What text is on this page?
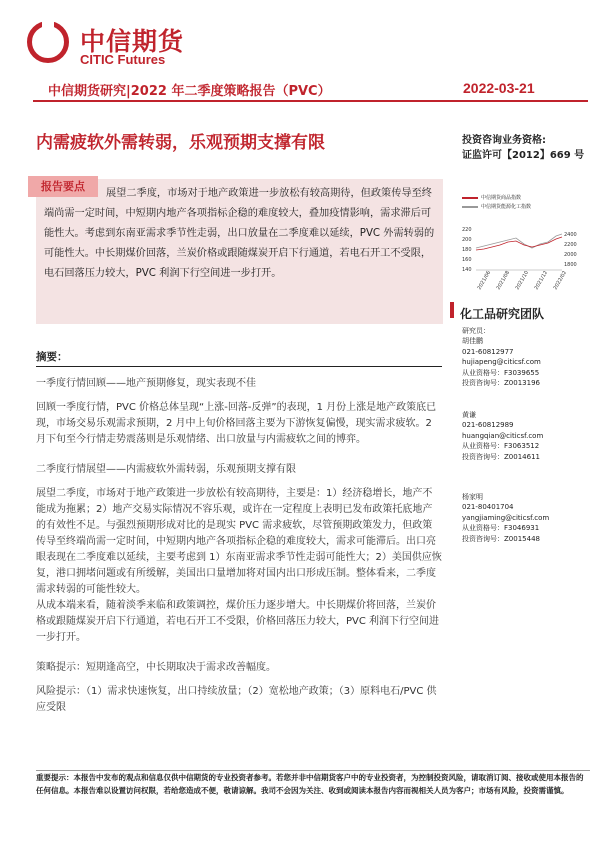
中信期货
CITIC Futures
中信期货研究|2022 年二季度策略报告（PVC）	2022-03-21
内需疲软外需转弱，乐观预期支撑有限	投资咨询业务资格:
证监许可【2012】669 号
报告要点

展望二季度，市场对于地产政策进一步放松有较高期待，但政策传导至终端尚需一定时间，中短期内地产各项指标企稳的难度较大，叠加疫情影响，需求滞后可能性大。考虑到东南亚需求季节性走弱，出口放量在二季度难以延续，PVC 外需转弱的可能性大。中长期煤价回落，兰炭价格或跟随煤炭开启下行通道，若电石开工不受限，电石回落压力较大，PVC 利润下行空间进一步打开。

中信期货商品指数
中信期货能源化工指数
220
200
180
160
140
2400
2200
2000
1800
2021/06 2021/08 2021/10 2021/12 2022/02
化工品研究团队
研究员：
胡佳鹏
021-60812977
hujiapeng@citicsf.com
从业资格号：F3039655
投资咨询号：Z0013196
黄谦
021-60812989
huangqian@citicsf.com
从业资格号：F3063512
投资咨询号：Z0014611
杨家明
021-80401704
yangjiaming@citicsf.com
从业资格号：F3046931
投资咨询号：Z0015448
摘要：
一季度行情回顾——地产预期修复，现实表现不佳
回顾一季度行情，PVC 价格总体呈现“上涨-回落-反弹”的表现，1 月份上涨是地产政策底已现，市场交易乐观需求预期，2 月中上旬价格回落主要为下游恢复偏慢，现实需求疲软。2 月下旬至今行情走势震荡则是乐观情绪、出口放量与内需疲软之间的博弈。
二季度行情展望——内需疲软外需转弱，乐观预期支撑有限
展望二季度，市场对于地产政策进一步放松有较高期待，主要是：1）经济稳增长，地产不能成为拖累；2）地产交易实际情况不容乐观，或许在一定程度上表明已发布政策托底地产的有效性不足。与强烈预期形成对比的是现实 PVC 需求疲软，尽管预期政策发力，但政策传导至终端尚需一定时间，中短期内地产各项指标企稳的难度较大，需求可能滞后。出口亮眼表现在二季度难以延续，主要考虑到 1）东南亚需求季节性走弱可能性大；2）美国供应恢复，港口拥堵问题或有所缓解，美国出口量增加将对国内出口形成压制。整体看来，二季度需求转弱的可能性较大。
从成本端来看，随着淡季来临和政策调控，煤价压力逐步增大。中长期煤价将回落，兰炭价格或跟随煤炭开启下行通道，若电石开工不受限，价格回落压力较大，PVC 利润下行空间进一步打开。
策略提示：短期逢高空，中长期取决于需求改善幅度。
风险提示：（1）需求快速恢复，出口持续放量；（2）宽松地产政策；（3）原料电石/PVC 供应受限
重要提示：本报告中发布的观点和信息仅供中信期货的专业投资者参考。若您并非中信期货客户中的专业投资者，为控制投资风险，请取消订阅、接收或使用本报告的任何信息。本报告难以设置访问权限，若给您造成不便，敬请谅解。我司不会因为关注、收到或阅读本报告内容而视相关人员为客户；市场有风险，投资需谨慎。
